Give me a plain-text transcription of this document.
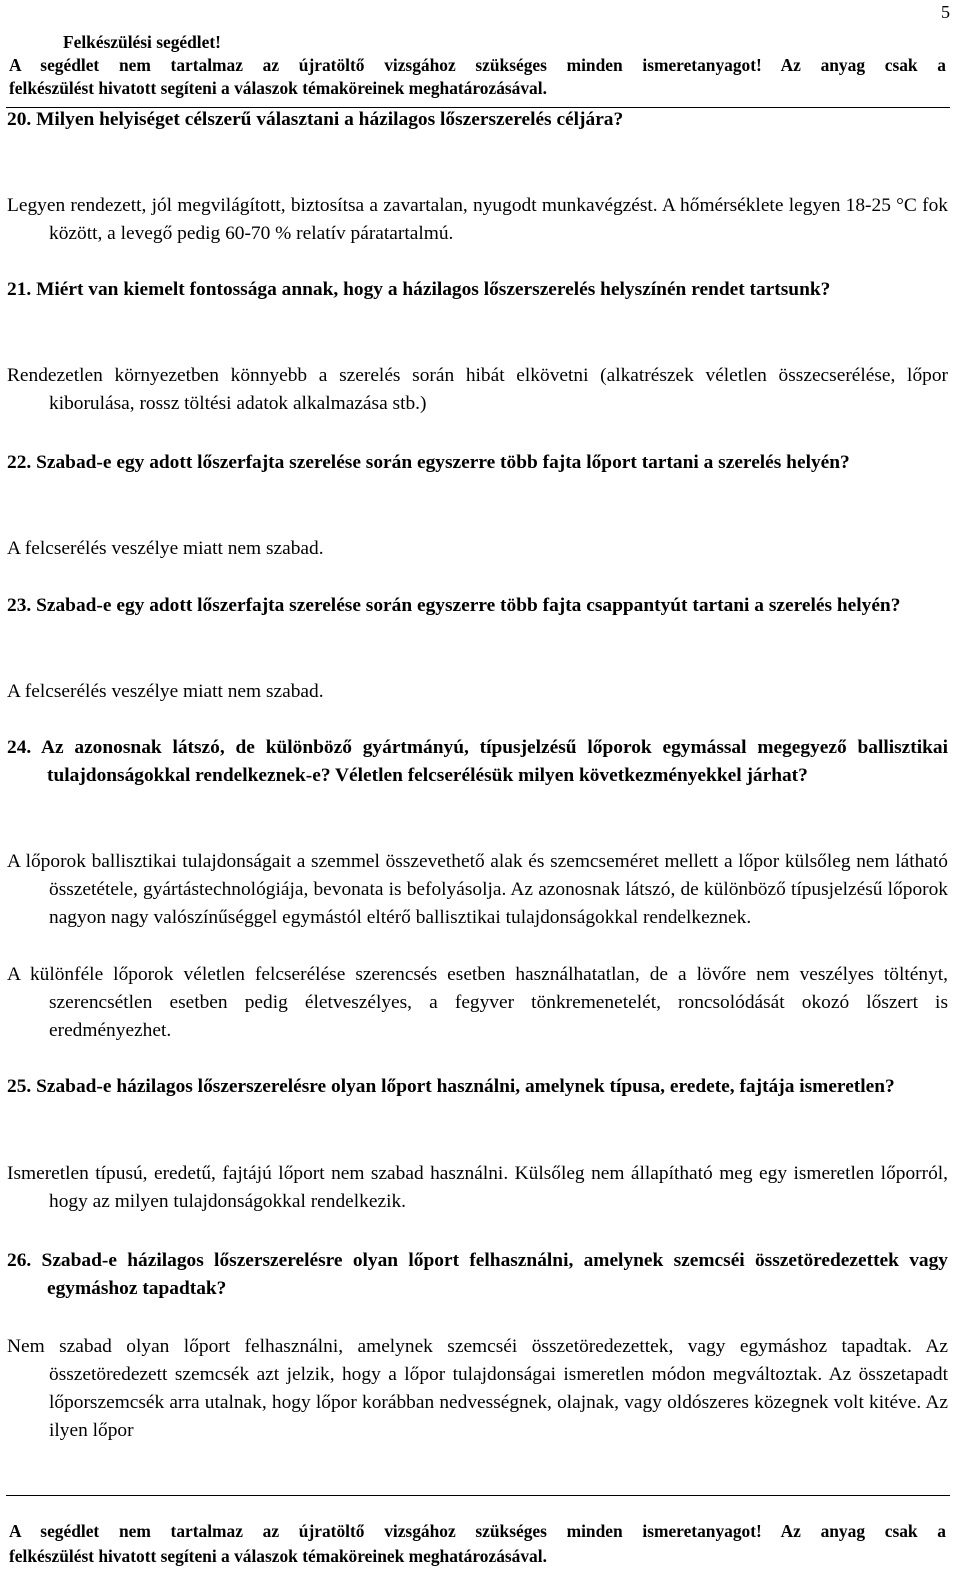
5
Felkészülési segédlet!
A segédlet nem tartalmaz az újratöltő vizsgához szükséges minden ismeretanyagot! Az anyag csak a
felkészülést hivatott segíteni a válaszok témaköreinek meghatározásával.
20. Milyen helyiséget célszerű választani a házilagos lőszerszerelés céljára?
Legyen rendezett, jól megvilágított, biztosítsa a zavartalan, nyugodt munkavégzést. A hőmérséklete legyen 18-25 °C fok között, a levegő pedig 60-70 % relatív páratartalmú.
21. Miért van kiemelt fontossága annak, hogy a házilagos lőszerszerelés helyszínén rendet tartsunk?
Rendezetlen környezetben könnyebb a szerelés során hibát elkövetni (alkatrészek véletlen összecserélése, lőpor kiborulása, rossz töltési adatok alkalmazása stb.)
22. Szabad-e egy adott lőszerfajta szerelése során egyszerre több fajta lőport tartani a szerelés helyén?
A felcserélés veszélye miatt nem szabad.
23. Szabad-e egy adott lőszerfajta szerelése során egyszerre több fajta csappantyút tartani a szerelés helyén?
A felcserélés veszélye miatt nem szabad.
24. Az azonosnak látszó, de különböző gyártmányú, típusjelzésű lőporok egymással megegyező ballisztikai tulajdonságokkal rendelkeznek-e? Véletlen felcserélésük milyen következményekkel járhat?
A lőporok ballisztikai tulajdonságait a szemmel összevethető alak és szemcseméret mellett a lőpor külsőleg nem látható összetétele, gyártástechnológiája, bevonata is befolyásolja. Az azonosnak látszó, de különböző típusjelzésű lőporok nagyon nagy valószínűséggel egymástól eltérő ballisztikai tulajdonságokkal rendelkeznek.
A különféle lőporok véletlen felcserélése szerencsés esetben használhatatlan, de a lövőre nem veszélyes töltényt, szerencsétlen esetben pedig életveszélyes, a fegyver tönkremenetelét, roncsolódását okozó lőszert is eredményezhet.
25. Szabad-e házilagos lőszerszerelésre olyan lőport használni, amelynek típusa, eredete, fajtája ismeretlen?
Ismeretlen típusú, eredetű, fajtájú lőport nem szabad használni. Külsőleg nem állapítható meg egy ismeretlen lőporról, hogy az milyen tulajdonságokkal rendelkezik.
26. Szabad-e házilagos lőszerszerelésre olyan lőport felhasználni, amelynek szemcséi összetöredezettek vagy egymáshoz tapadtak?
Nem szabad olyan lőport felhasználni, amelynek szemcséi összetöredezettek, vagy egymáshoz tapadtak. Az összetöredezett szemcsék azt jelzik, hogy a lőpor tulajdonságai ismeretlen módon megváltoztak. Az összetapadt lőporszemcsék arra utalnak, hogy lőpor korábban nedvességnek, olajnak, vagy oldószeres közegnek volt kitéve. Az ilyen lőpor
A segédlet nem tartalmaz az újratöltő vizsgához szükséges minden ismeretanyagot! Az anyag csak a
felkészülést hivatott segíteni a válaszok témaköreinek meghatározásával.
